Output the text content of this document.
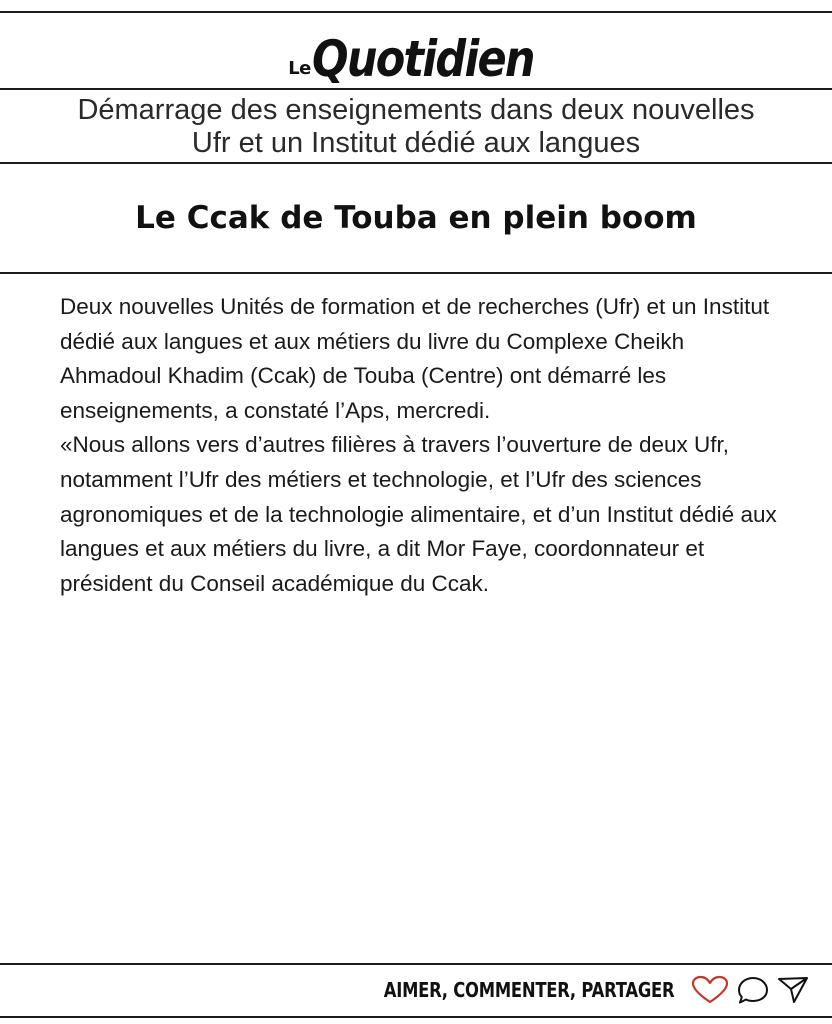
Le Quotidien
Démarrage des enseignements dans deux nouvelles Ufr et un Institut dédié aux langues
Le Ccak de Touba en plein boom

Deux nouvelles Unités de formation et de recherches (Ufr) et un Institut dédié aux langues et aux métiers du livre du Complexe Cheikh Ahmadoul Khadim (Ccak) de Touba (Centre) ont démarré les enseignements, a constaté l’Aps, mercredi.

«Nous allons vers d’autres filières à travers l’ouverture de deux Ufr, notamment l’Ufr des métiers et technologie, et l’Ufr des sciences agronomiques et de la technologie alimentaire, et d’un Institut dédié aux langues et aux métiers du livre, a dit Mor Faye, coordonnateur et président du Conseil académique du Ccak.

AIMER, COMMENTER, PARTAGER
